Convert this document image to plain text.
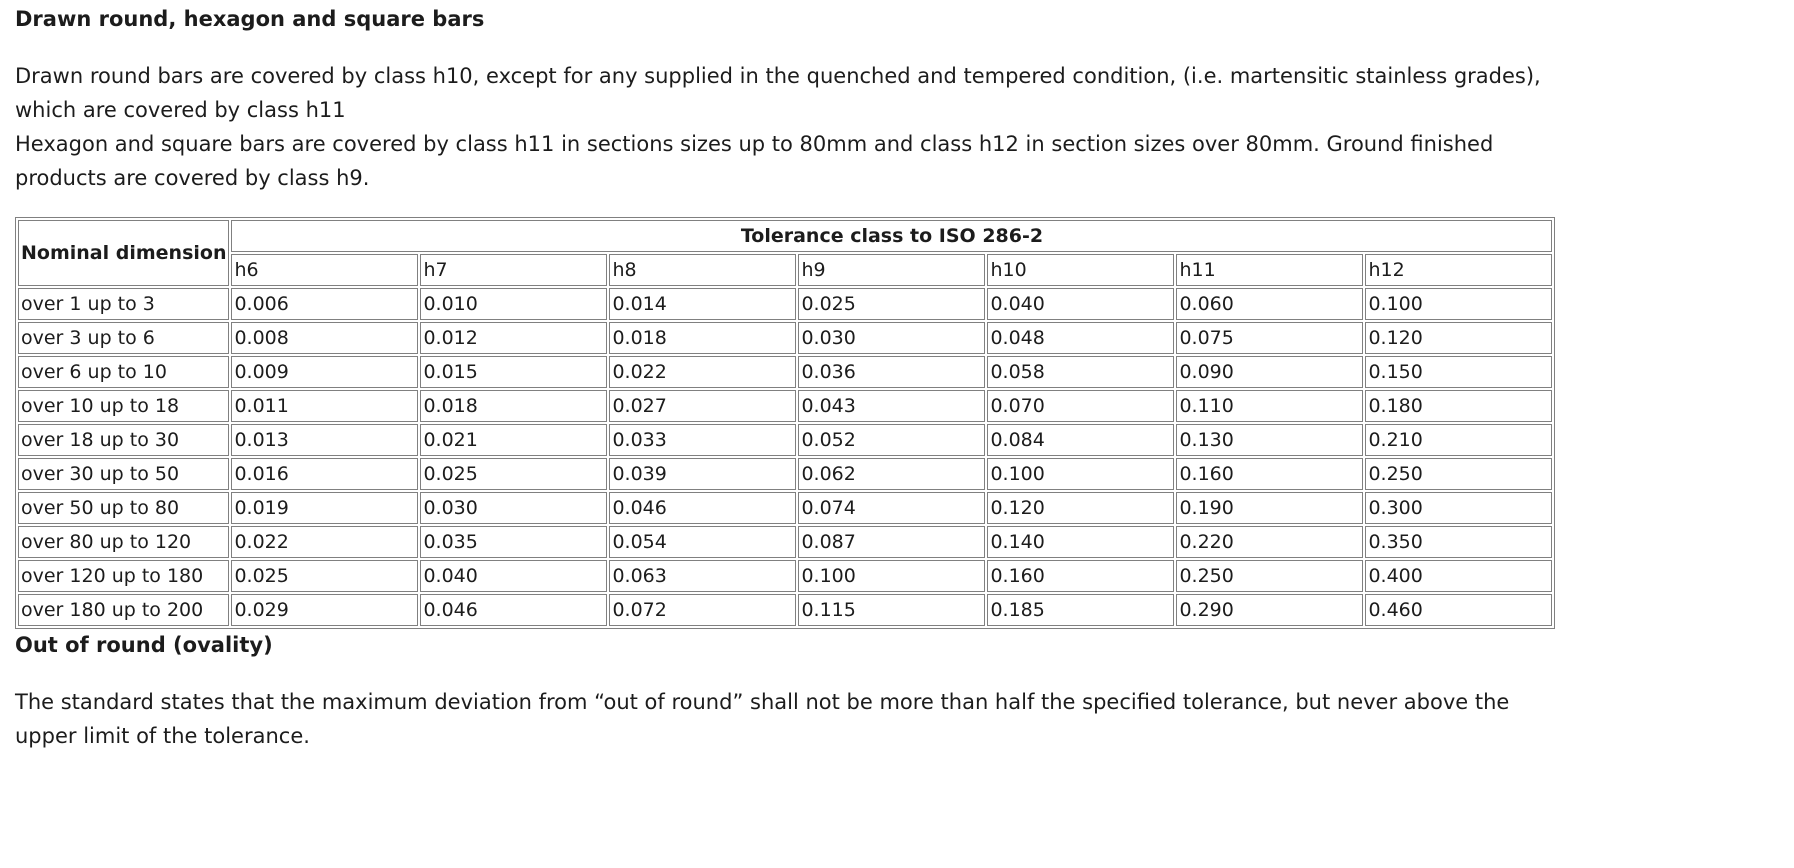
Drawn round, hexagon and square bars

Drawn round bars are covered by class h10, except for any supplied in the quenched and tempered condition, (i.e. martensitic stainless grades),
which are covered by class h11
Hexagon and square bars are covered by class h11 in sections sizes up to 80mm and class h12 in section sizes over 80mm. Ground finished
products are covered by class h9.

Nominal dimension	Tolerance class to ISO 286-2						
	h6	h7	h8	h9	h10	h11	h12
over 1 up to 3	0.006	0.010	0.014	0.025	0.040	0.060	0.100
over 3 up to 6	0.008	0.012	0.018	0.030	0.048	0.075	0.120
over 6 up to 10	0.009	0.015	0.022	0.036	0.058	0.090	0.150
over 10 up to 18	0.011	0.018	0.027	0.043	0.070	0.110	0.180
over 18 up to 30	0.013	0.021	0.033	0.052	0.084	0.130	0.210
over 30 up to 50	0.016	0.025	0.039	0.062	0.100	0.160	0.250
over 50 up to 80	0.019	0.030	0.046	0.074	0.120	0.190	0.300
over 80 up to 120	0.022	0.035	0.054	0.087	0.140	0.220	0.350
over 120 up to 180	0.025	0.040	0.063	0.100	0.160	0.250	0.400
over 180 up to 200	0.029	0.046	0.072	0.115	0.185	0.290	0.460
Out of round (ovality)

The standard states that the maximum deviation from “out of round” shall not be more than half the specified tolerance, but never above the
upper limit of the tolerance.
